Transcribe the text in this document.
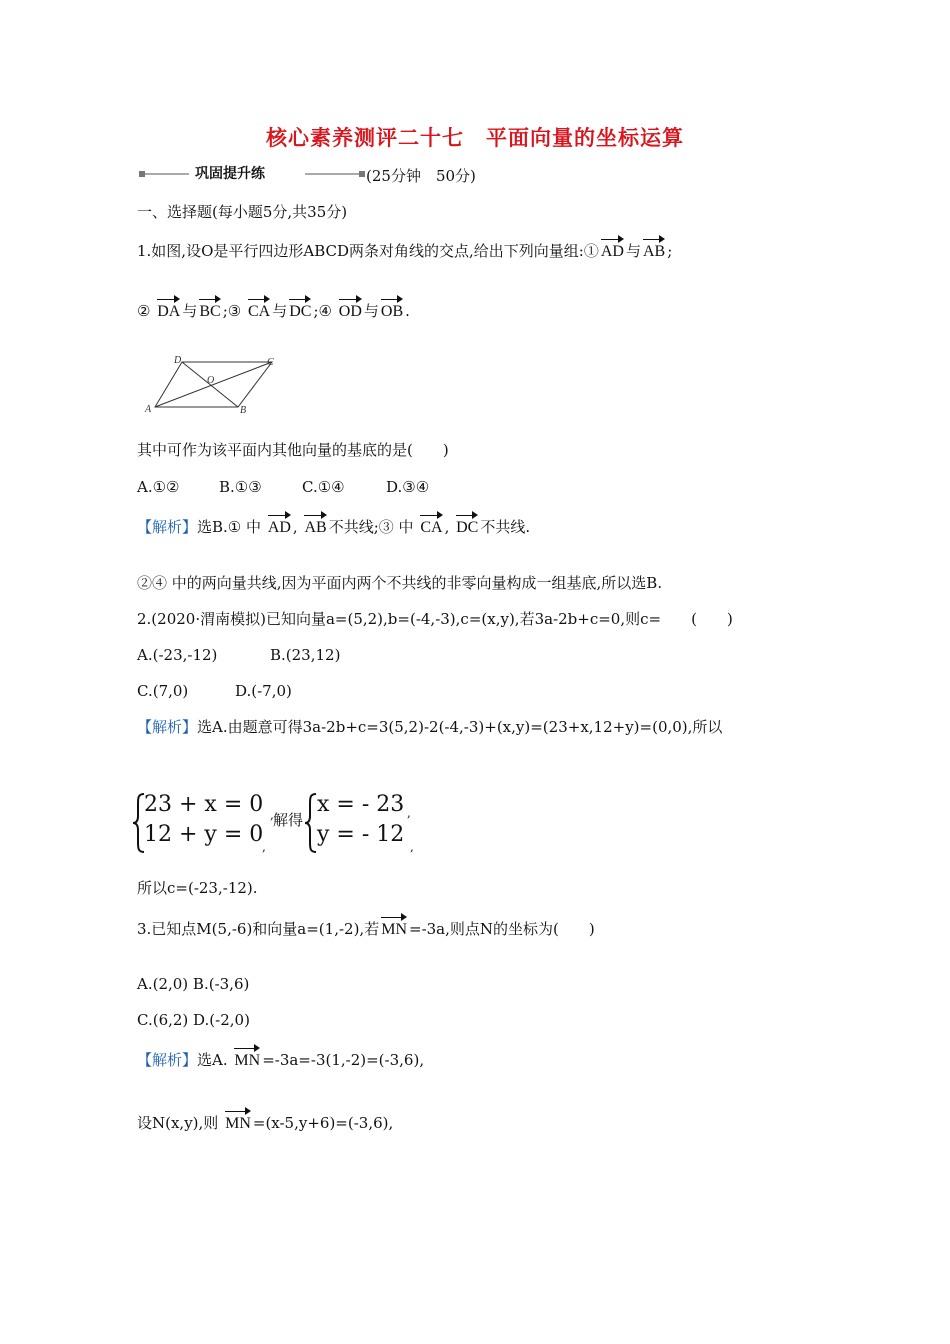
核心素养测评二十七　平面向量的坐标运算
巩固提升练	(25分钟　50分)
一、选择题(每小题5分,共35分)
1.如图,设O是平行四边形ABCD两条对角线的交点,给出下列向量组:① AD 与 AB ;
② DA 与 BC ;③ CA 与 DC ;④ OD 与 OB .
A	B
C
D
O
其中可作为该平面内其他向量的基底的是(　　)
A.①②	B.①③	C.①④	D.③④
【解析】选B.① 中 AD , AB 不共线;③ 中 CA , DC 不共线.
②④ 中的两向量共线,因为平面内两个不共线的非零向量构成一组基底,所以选B.
2.(2020·渭南模拟)已知向量a=(5,2),b=(-4,-3),c=(x,y),若3a-2b+c=0,则c=　　(　　)
A.(-23,-12)	B.(23,12)
C.(7,0)	D.(-7,0)
【解析】选A.由题意可得3a-2b+c=3(5,2)-2(-4,-3)+(x,y)=(23+x,12+y)=(0,0),所以
23 + x = 0
12 + y = 0
,
,
解得
x = - 23
y = - 12
,
,
所以c=(-23,-12).
3.已知点M(5,-6)和向量a=(1,-2),若 MN =-3a,则点N的坐标为(　　)
A.(2,0) B.(-3,6)
C.(6,2) D.(-2,0)
【解析】选A. MN =-3a=-3(1,-2)=(-3,6),
设N(x,y),则 MN =(x-5,y+6)=(-3,6),
